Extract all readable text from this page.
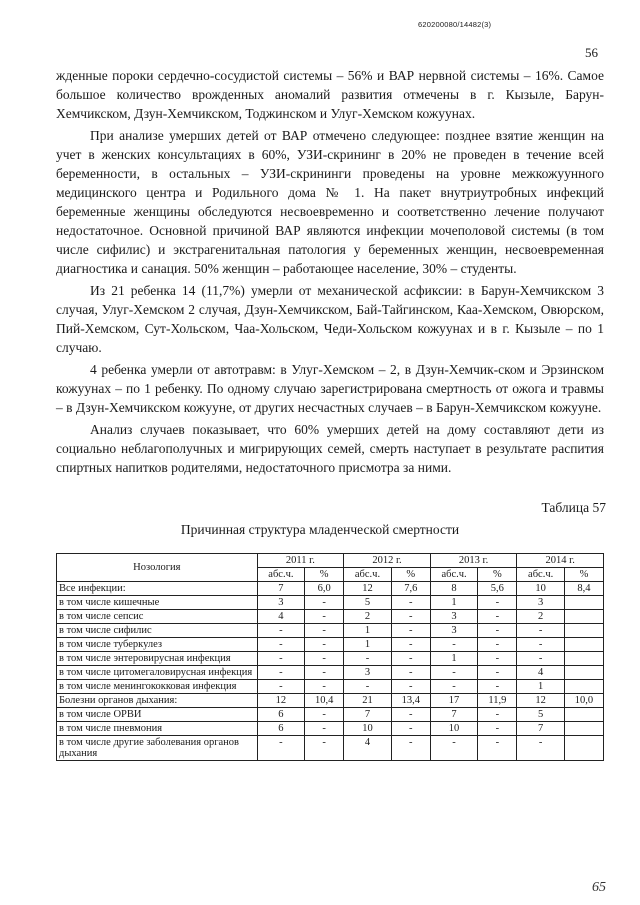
620200080/14482(3)
56

жденные пороки сердечно-сосудистой системы – 56% и ВАР нервной системы – 16%. Самое большое количество врожденных аномалий развития отмечены в г. Кызыле, Барун-Хемчикском, Дзун-Хемчикском, Тоджинском и Улуг-Хемском кожуунах.

При анализе умерших детей от ВАР отмечено следующее: позднее взятие женщин на учет в женских консультациях в 60%, УЗИ-скрининг в 20% не проведен в течение всей беременности, в остальных – УЗИ-скрининги проведены на уровне межкожуунного медицинского центра и Родильного дома № 1. На пакет внутриутробных инфекций беременные женщины обследуются несвоевременно и соответственно лечение получают недостаточное. Основной причиной ВАР являются инфекции мочеполовой системы (в том числе сифилис) и экстрагенитальная патология у беременных женщин, несвоевременная диагностика и санация. 50% женщин – работающее население, 30% – студенты.

Из 21 ребенка 14 (11,7%) умерли от механической асфиксии: в Барун-Хемчикском 3 случая, Улуг-Хемском 2 случая, Дзун-Хемчикском, Бай-Тайгинском, Каа-Хемском, Овюрском, Пий-Хемском, Сут-Хольском, Чаа-Хольском, Чеди-Хольском кожуунах и в г. Кызыле – по 1 случаю.

4 ребенка умерли от автотравм: в Улуг-Хемском – 2, в Дзун-Хемчик-ском и Эрзинском кожуунах – по 1 ребенку. По одному случаю зарегистрирована смертность от ожога и травмы – в Дзун-Хемчикском кожууне, от других несчастных случаев – в Барун-Хемчикском кожууне.

Анализ случаев показывает, что 60% умерших детей на дому составляют дети из социально неблагополучных и мигрирующих семей, смерть наступает в результате распития спиртных напитков родителями, недостаточного присмотра за ними.

Таблица 57
Причинная структура младенческой смертности
Нозология	2011 г.		2012 г.		2013 г.		2014 г.	
	абс.ч.	%	абс.ч.	%	абс.ч.	%	абс.ч.	%
Все инфекции:	7	6,0	12	7,6	8	5,6	10	8,4
в том числе кишечные	3	-	5	-	1	-	3	
в том числе сепсис	4	-	2	-	3	-	2	
в том числе сифилис	-	-	1	-	3	-	-	
в том числе туберкулез	-	-	1	-	-	-	-	
в том числе энтеровирусная инфекция	-	-	-	-	1	-	-	
в том числе цитомегаловирусная инфекция	-	-	3	-	-	-	4	
в том числе менингококковая инфекция	-	-	-	-	-	-	1	
Болезни органов дыхания:	12	10,4	21	13,4	17	11,9	12	10,0
в том числе ОРВИ	6	-	7	-	7	-	5	
в том числе пневмония	6	-	10	-	10	-	7	
в том числе другие заболевания органов дыхания	-	-	4	-	-	-	-	
65
